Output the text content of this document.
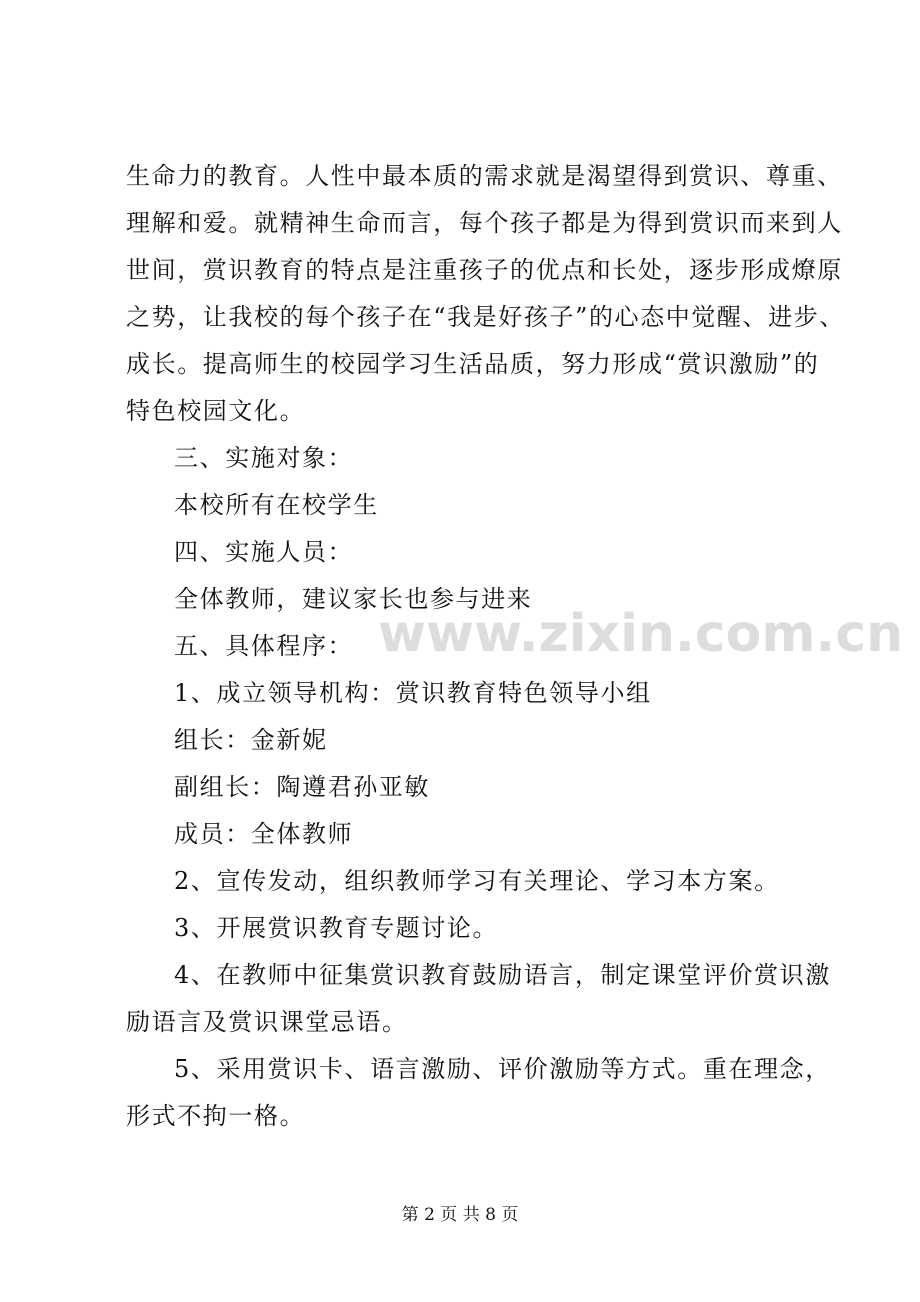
生命力的教育。人性中最本质的需求就是渴望得到赏识、尊重、
理解和爱。就精神生命而言，每个孩子都是为得到赏识而来到人
世间，赏识教育的特点是注重孩子的优点和长处，逐步形成燎原
之势，让我校的每个孩子在“我是好孩子”的心态中觉醒、进步、
成长。提高师生的校园学习生活品质，努力形成“赏识激励”的
特色校园文化。
三、实施对象：
本校所有在校学生
四、实施人员：
全体教师，建议家长也参与进来
五、具体程序：
1、成立领导机构：赏识教育特色领导小组
组长：金新妮
副组长：陶遵君孙亚敏
成员：全体教师
2、宣传发动，组织教师学习有关理论、学习本方案。
3、开展赏识教育专题讨论。
4、在教师中征集赏识教育鼓励语言，制定课堂评价赏识激
励语言及赏识课堂忌语。
5、采用赏识卡、语言激励、评价激励等方式。重在理念，
形式不拘一格。
www.zixin.com.cn
第 2 页 共 8 页
